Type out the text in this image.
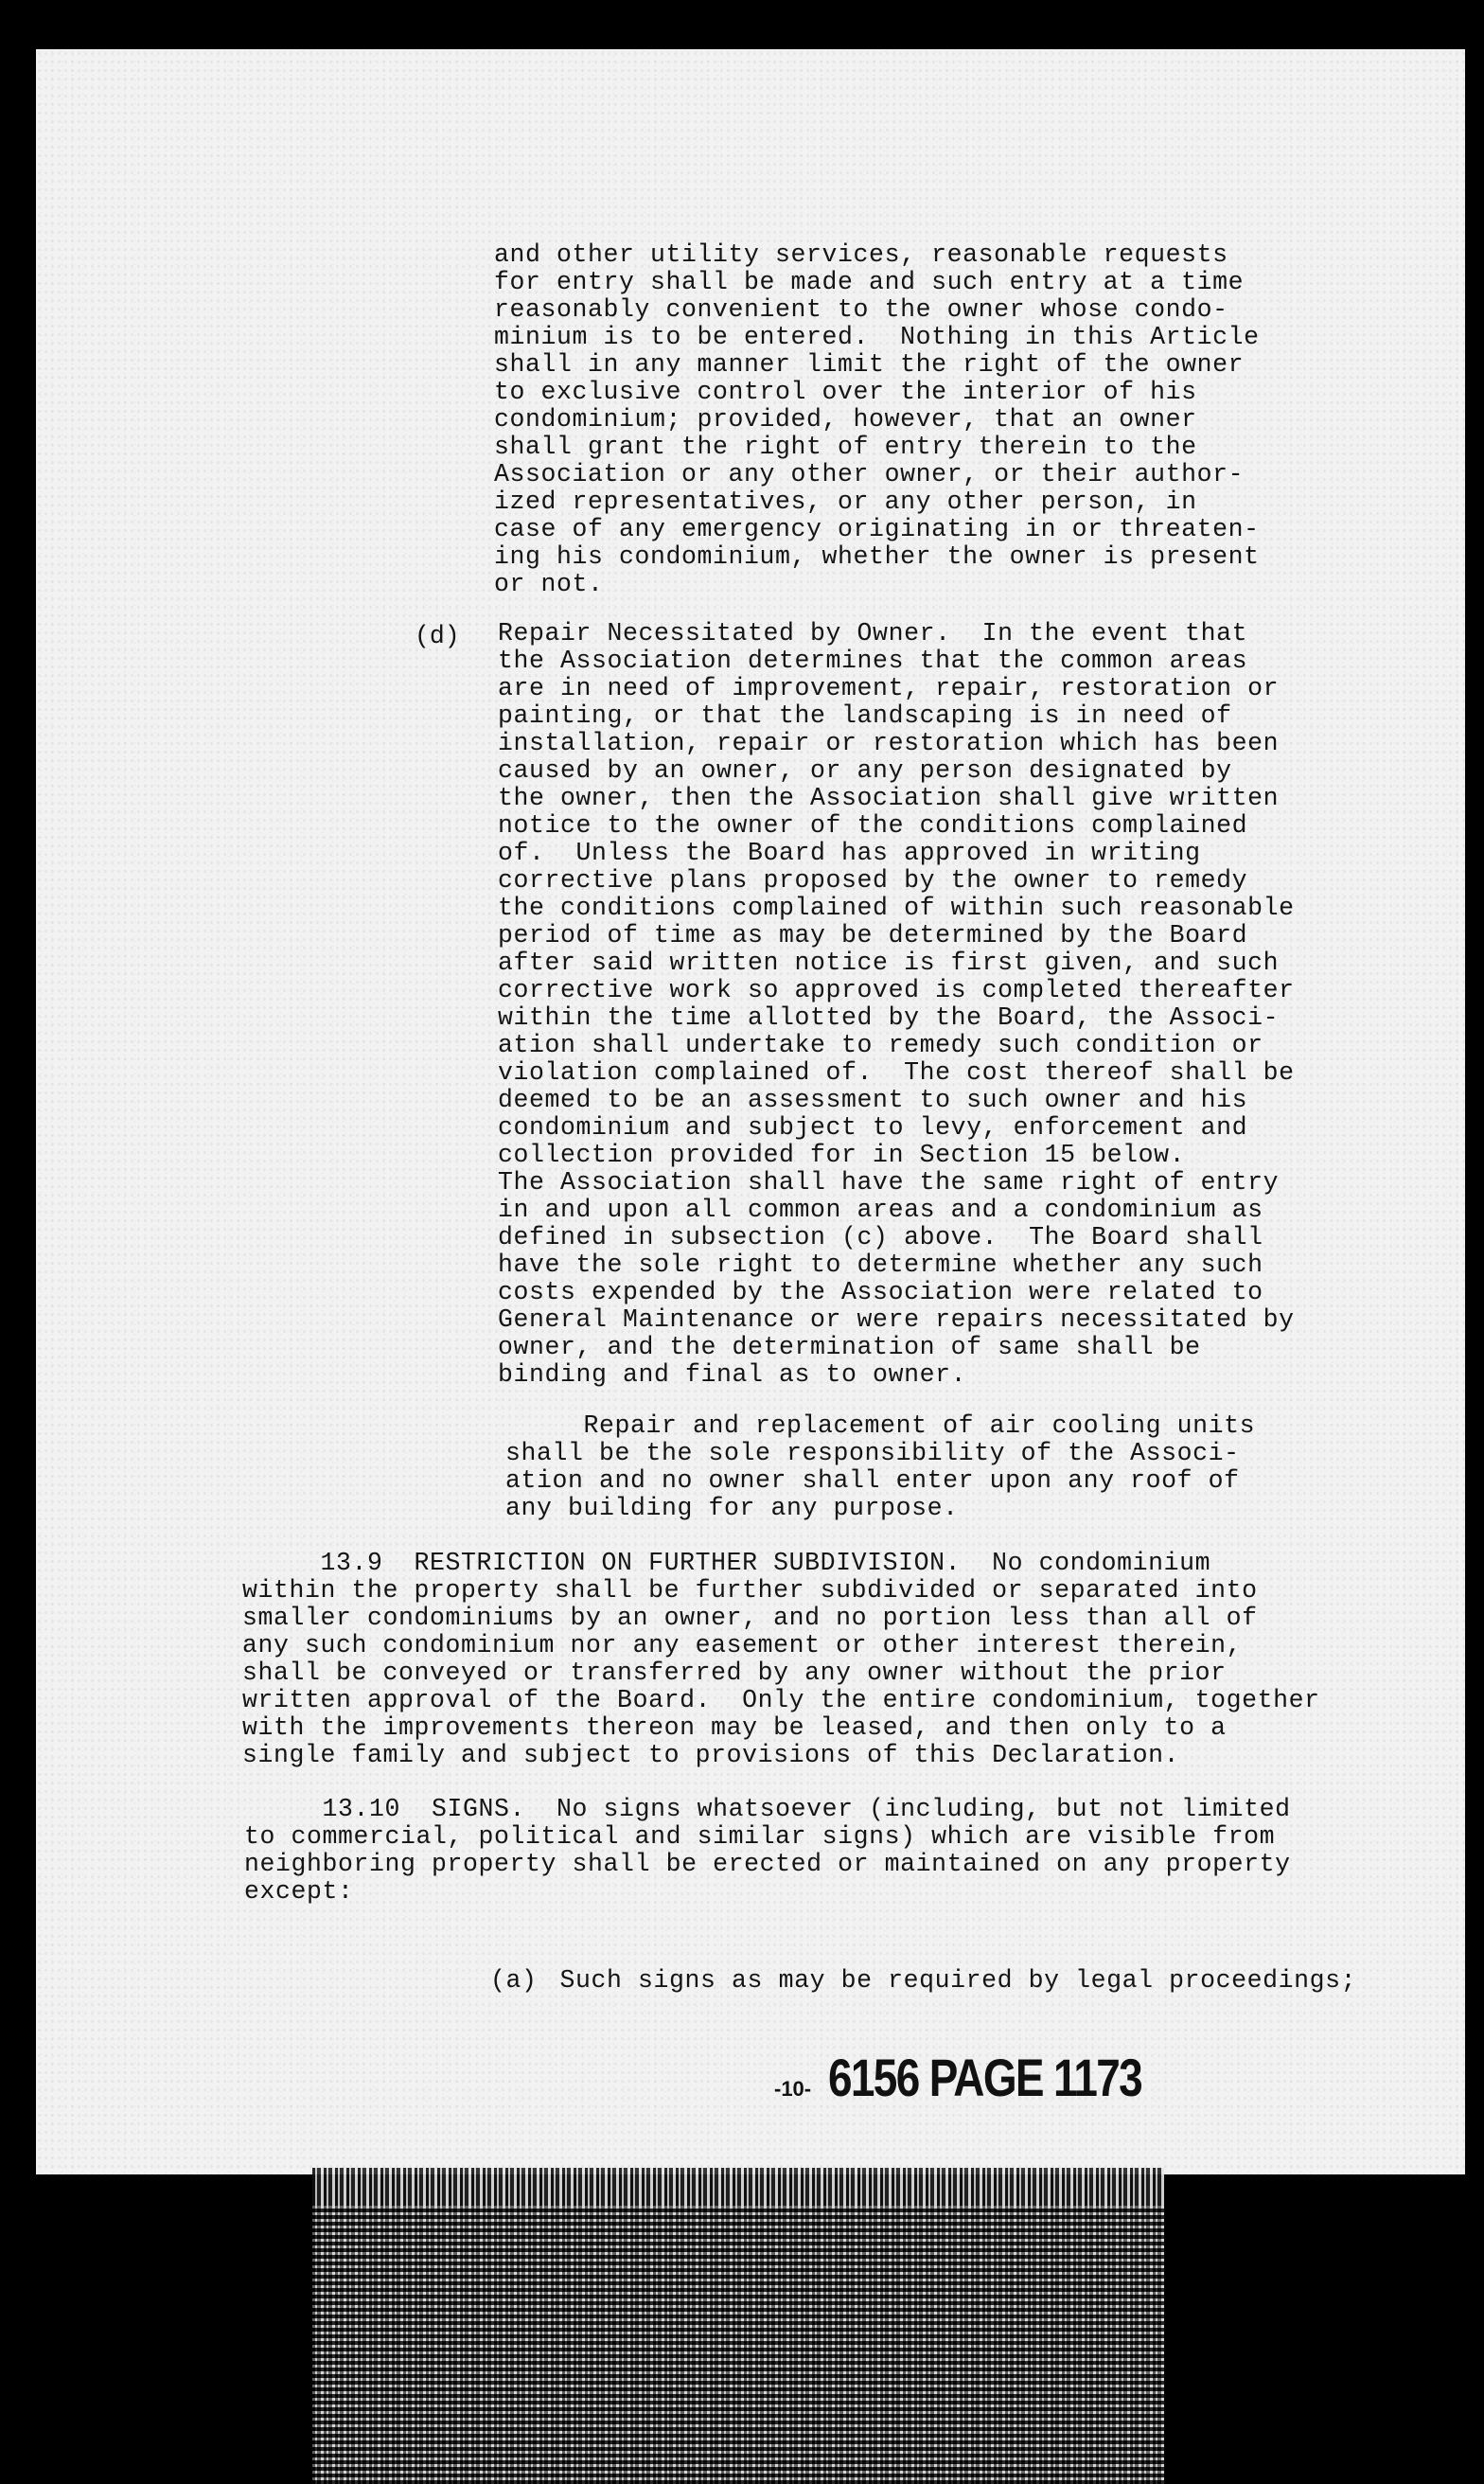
and other utility services, reasonable requests
for entry shall be made and such entry at a time
reasonably convenient to the owner whose condo-
minium is to be entered.  Nothing in this Article
shall in any manner limit the right of the owner
to exclusive control over the interior of his
condominium; provided, however, that an owner
shall grant the right of entry therein to the
Association or any other owner, or their author-
ized representatives, or any other person, in
case of any emergency originating in or threaten-
ing his condominium, whether the owner is present
or not.
(d) Repair Necessitated by Owner.  In the event that
the Association determines that the common areas
are in need of improvement, repair, restoration or
painting, or that the landscaping is in need of
installation, repair or restoration which has been
caused by an owner, or any person designated by
the owner, then the Association shall give written
notice to the owner of the conditions complained
of.  Unless the Board has approved in writing
corrective plans proposed by the owner to remedy
the conditions complained of within such reasonable
period of time as may be determined by the Board
after said written notice is first given, and such
corrective work so approved is completed thereafter
within the time allotted by the Board, the Associ-
ation shall undertake to remedy such condition or
violation complained of.  The cost thereof shall be
deemed to be an assessment to such owner and his
condominium and subject to levy, enforcement and
collection provided for in Section 15 below.
The Association shall have the same right of entry
in and upon all common areas and a condominium as
defined in subsection (c) above.  The Board shall
have the sole right to determine whether any such
costs expended by the Association were related to
General Maintenance or were repairs necessitated by
owner, and the determination of same shall be
binding and final as to owner.
Repair and replacement of air cooling units
shall be the sole responsibility of the Associ-
ation and no owner shall enter upon any roof of
any building for any purpose.
13.9  RESTRICTION ON FURTHER SUBDIVISION.  No condominium
within the property shall be further subdivided or separated into
smaller condominiums by an owner, and no portion less than all of
any such condominium nor any easement or other interest therein,
shall be conveyed or transferred by any owner without the prior
written approval of the Board.  Only the entire condominium, together
with the improvements thereon may be leased, and then only to a
single family and subject to provisions of this Declaration.
13.10  SIGNS.  No signs whatsoever (including, but not limited
to commercial, political and similar signs) which are visible from
neighboring property shall be erected or maintained on any property
except:

(a) Such signs as may be required by legal proceedings;

-10- 6156 PAGE 1173
